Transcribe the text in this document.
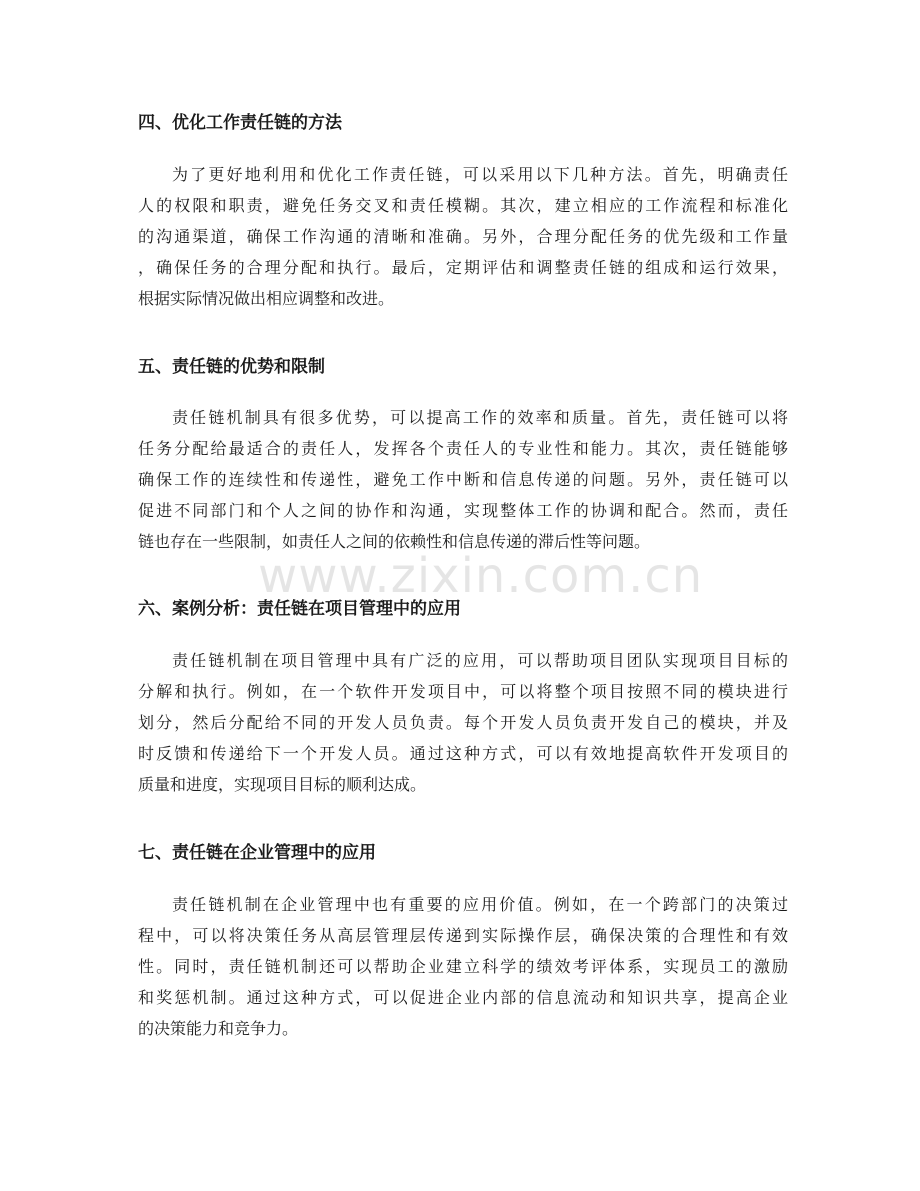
四、优化工作责任链的方法
为了更好地利用和优化工作责任链，可以采用以下几种方法。首先，明确责任
人的权限和职责，避免任务交叉和责任模糊。其次，建立相应的工作流程和标准化
的沟通渠道，确保工作沟通的清晰和准确。另外，合理分配任务的优先级和工作量
，确保任务的合理分配和执行。最后，定期评估和调整责任链的组成和运行效果，
根据实际情况做出相应调整和改进。
五、责任链的优势和限制
责任链机制具有很多优势，可以提高工作的效率和质量。首先，责任链可以将
任务分配给最适合的责任人，发挥各个责任人的专业性和能力。其次，责任链能够
确保工作的连续性和传递性，避免工作中断和信息传递的问题。另外，责任链可以
促进不同部门和个人之间的协作和沟通，实现整体工作的协调和配合。然而，责任
链也存在一些限制，如责任人之间的依赖性和信息传递的滞后性等问题。
六、案例分析：责任链在项目管理中的应用
责任链机制在项目管理中具有广泛的应用，可以帮助项目团队实现项目目标的
分解和执行。例如，在一个软件开发项目中，可以将整个项目按照不同的模块进行
划分，然后分配给不同的开发人员负责。每个开发人员负责开发自己的模块，并及
时反馈和传递给下一个开发人员。通过这种方式，可以有效地提高软件开发项目的
质量和进度，实现项目目标的顺利达成。
七、责任链在企业管理中的应用
责任链机制在企业管理中也有重要的应用价值。例如，在一个跨部门的决策过
程中，可以将决策任务从高层管理层传递到实际操作层，确保决策的合理性和有效
性。同时，责任链机制还可以帮助企业建立科学的绩效考评体系，实现员工的激励
和奖惩机制。通过这种方式，可以促进企业内部的信息流动和知识共享，提高企业
的决策能力和竞争力。
www.zixin.com.cn
